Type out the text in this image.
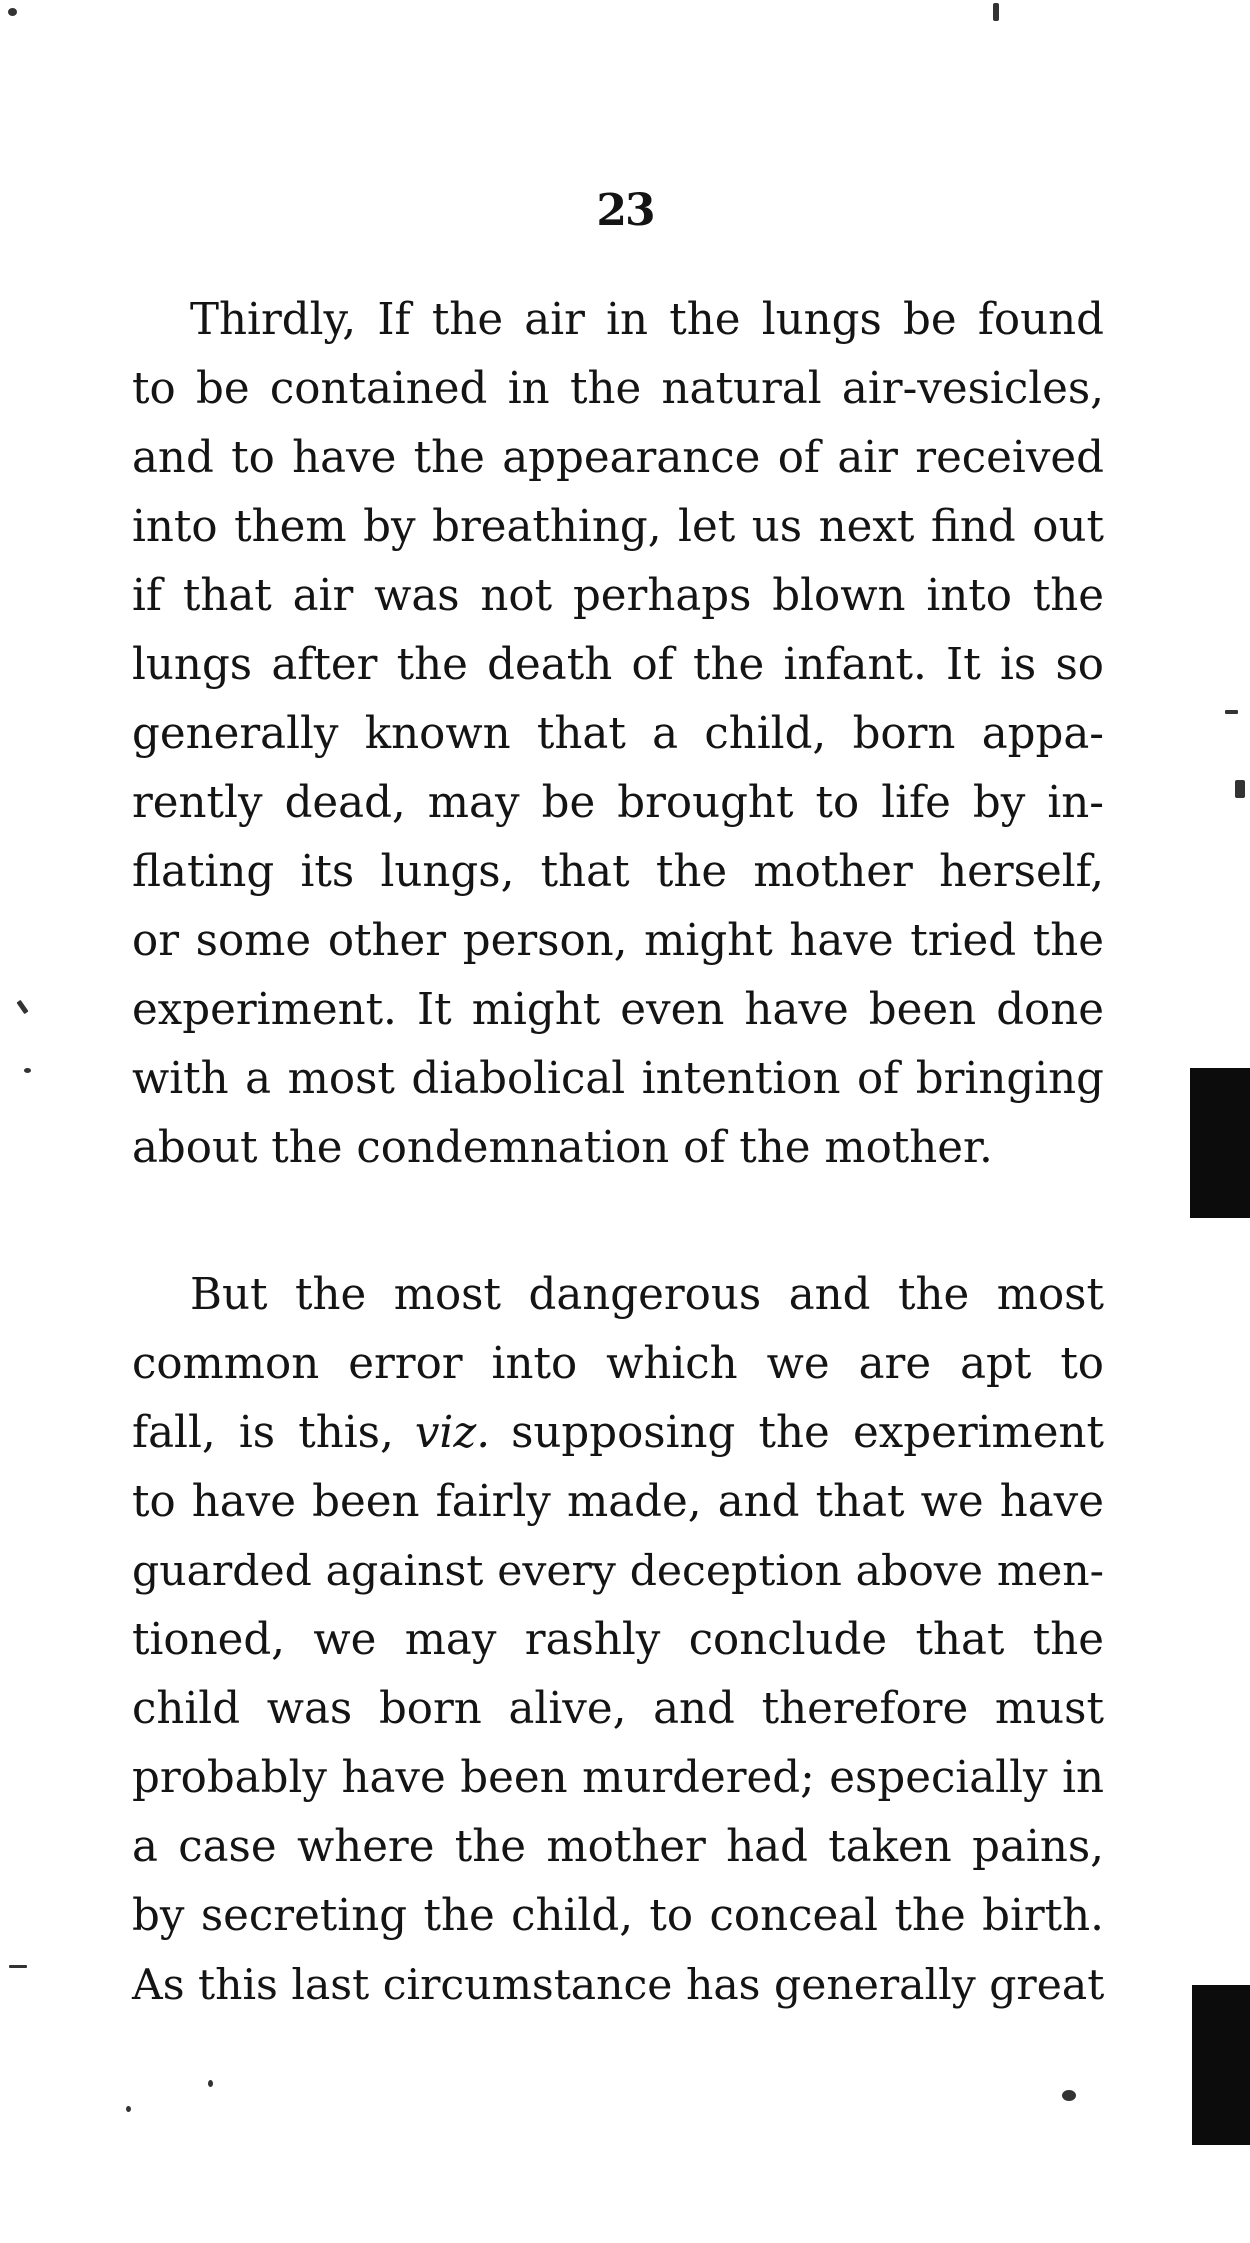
23
Thirdly, If the air in the lungs be found
to be contained in the natural air-vesicles,
and to have the appearance of air received
into them by breathing, let us next find out
if that air was not perhaps blown into the
lungs after the death of the infant. It is so
generally known that a child, born appa-
rently dead, may be brought to life by in-
flating its lungs, that the mother herself,
or some other person, might have tried the
experiment. It might even have been done
with a most diabolical intention of bringing
about the condemnation of the mother.
But the most dangerous and the most
common error into which we are apt to
fall, is this, viz. supposing the experiment
to have been fairly made, and that we have
guarded against every deception above men-
tioned, we may rashly conclude that the
child was born alive, and therefore must
probably have been murdered; especially in
a case where the mother had taken pains,
by secreting the child, to conceal the birth.
As this last circumstance has generally great
